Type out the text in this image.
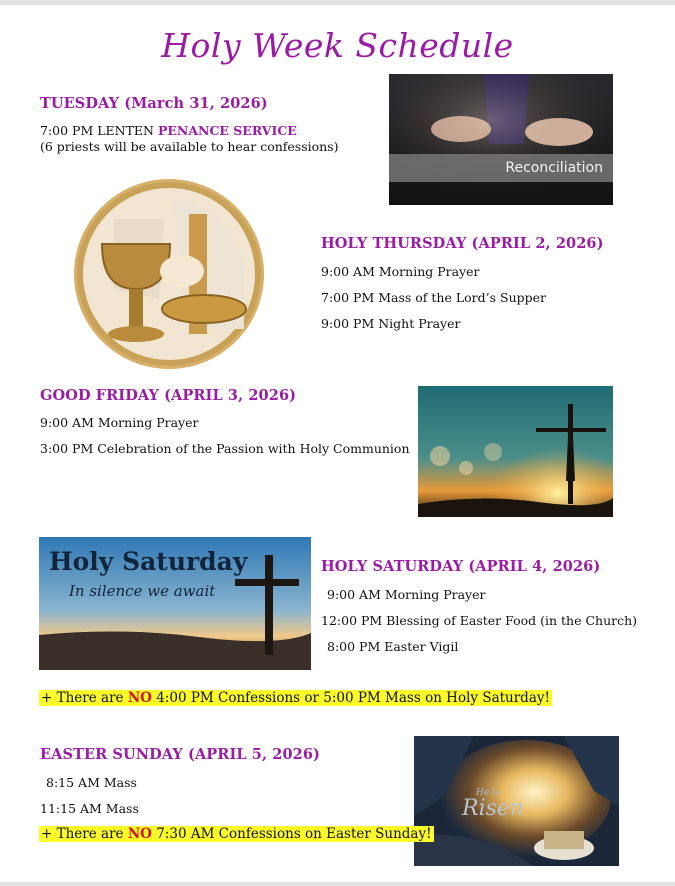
Holy Week Schedule
TUESDAY (March 31, 2026)
7:00 PM LENTEN PENANCE SERVICE
(6 priests will be available to hear confessions)
Reconciliation
HOLY THURSDAY (APRIL 2, 2026)
9:00 AM Morning Prayer
7:00 PM Mass of the Lord’s Supper
9:00 PM Night Prayer
GOOD FRIDAY (APRIL 3, 2026)
9:00 AM Morning Prayer
3:00 PM Celebration of the Passion with Holy Communion
Holy Saturday
In silence we await
HOLY SATURDAY (APRIL 4, 2026)
9:00 AM Morning Prayer
12:00 PM Blessing of Easter Food (in the Church)
8:00 PM Easter Vigil
+ There are NO 4:00 PM Confessions or 5:00 PM Mass on Holy Saturday!
EASTER SUNDAY (APRIL 5, 2026)
8:15 AM Mass
11:15 AM Mass
He is
Risen
+ There are NO 7:30 AM Confessions on Easter Sunday!
